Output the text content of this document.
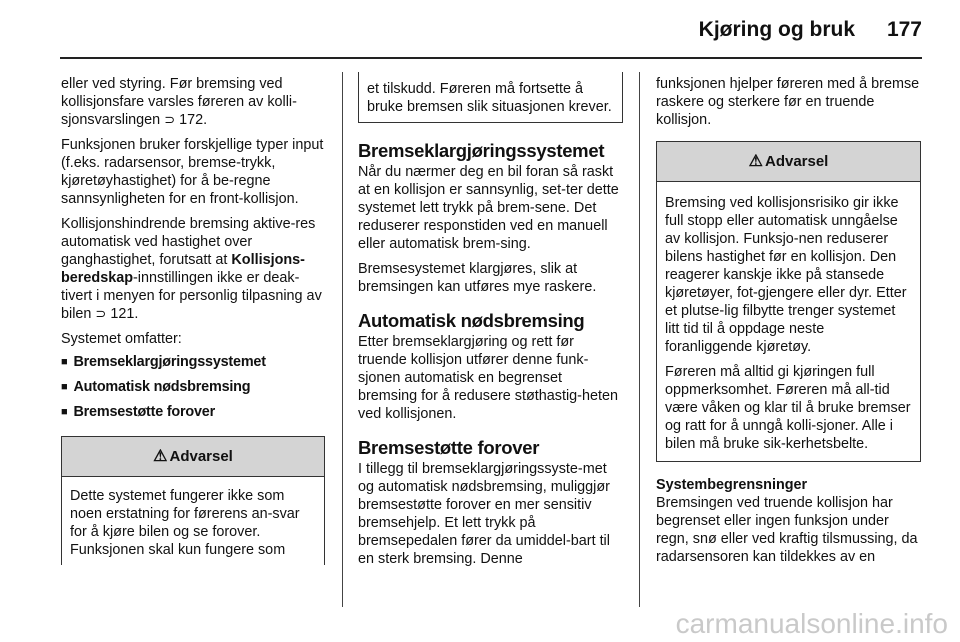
Kjøring og bruk 177

eller ved styring. Før bremsing ved kollisjonsfare varsles føreren av kolli-sjonsvarslingen ⊃ 172.

Funksjonen bruker forskjellige typer input (f.eks. radarsensor, bremse-trykk, kjøretøyhastighet) for å be-regne sannsynligheten for en front-kollisjon.

Kollisjonshindrende bremsing aktive-res automatisk ved hastighet over ganghastighet, forutsatt at Kollisjons-beredskap-innstillingen ikke er deak-tivert i menyen for personlig tilpasning av bilen ⊃ 121.

Systemet omfatter:

■ Bremseklargjøringssystemet
■ Automatisk nødsbremsing
■ Bremsestøtte forover
⚠ Advarsel

Dette systemet fungerer ikke som noen erstatning for førerens an-svar for å kjøre bilen og se forover. Funksjonen skal kun fungere som

et tilskudd. Føreren må fortsette å bruke bremsen slik situasjonen krever.

Bremseklargjøringssystemet

Når du nærmer deg en bil foran så raskt at en kollisjon er sannsynlig, set-ter dette systemet lett trykk på brem-sene. Det reduserer responstiden ved en manuell eller automatisk brem-sing.

Bremsesystemet klargjøres, slik at bremsingen kan utføres mye raskere.

Automatisk nødsbremsing

Etter bremseklargjøring og rett før truende kollisjon utfører denne funk-sjonen automatisk en begrenset bremsing for å redusere støthastig-heten ved kollisjonen.

Bremsestøtte forover

I tillegg til bremseklargjøringssyste-met og automatisk nødsbremsing, muliggjør bremsestøtte forover en mer sensitiv bremsehjelp. Et lett trykk på bremsepedalen fører da umiddel-bart til en sterk bremsing. Denne

funksjonen hjelper føreren med å bremse raskere og sterkere før en truende kollisjon.

⚠ Advarsel

Bremsing ved kollisjonsrisiko gir ikke full stopp eller automatisk unngåelse av kollisjon. Funksjo-nen reduserer bilens hastighet før en kollisjon. Den reagerer kanskje ikke på stansede kjøretøyer, fot-gjengere eller dyr. Etter et plutse-lig filbytte trenger systemet litt tid til å oppdage neste foranliggende kjøretøy.

Føreren må alltid gi kjøringen full oppmerksomhet. Føreren må all-tid være våken og klar til å bruke bremser og ratt for å unngå kolli-sjoner. Alle i bilen må bruke sik-kerhetsbelte.

Systembegrensninger

Bremsingen ved truende kollisjon har begrenset eller ingen funksjon under regn, snø eller ved kraftig tilsmussing, da radarsensoren kan tildekkes av en

carmanualsonline.info
